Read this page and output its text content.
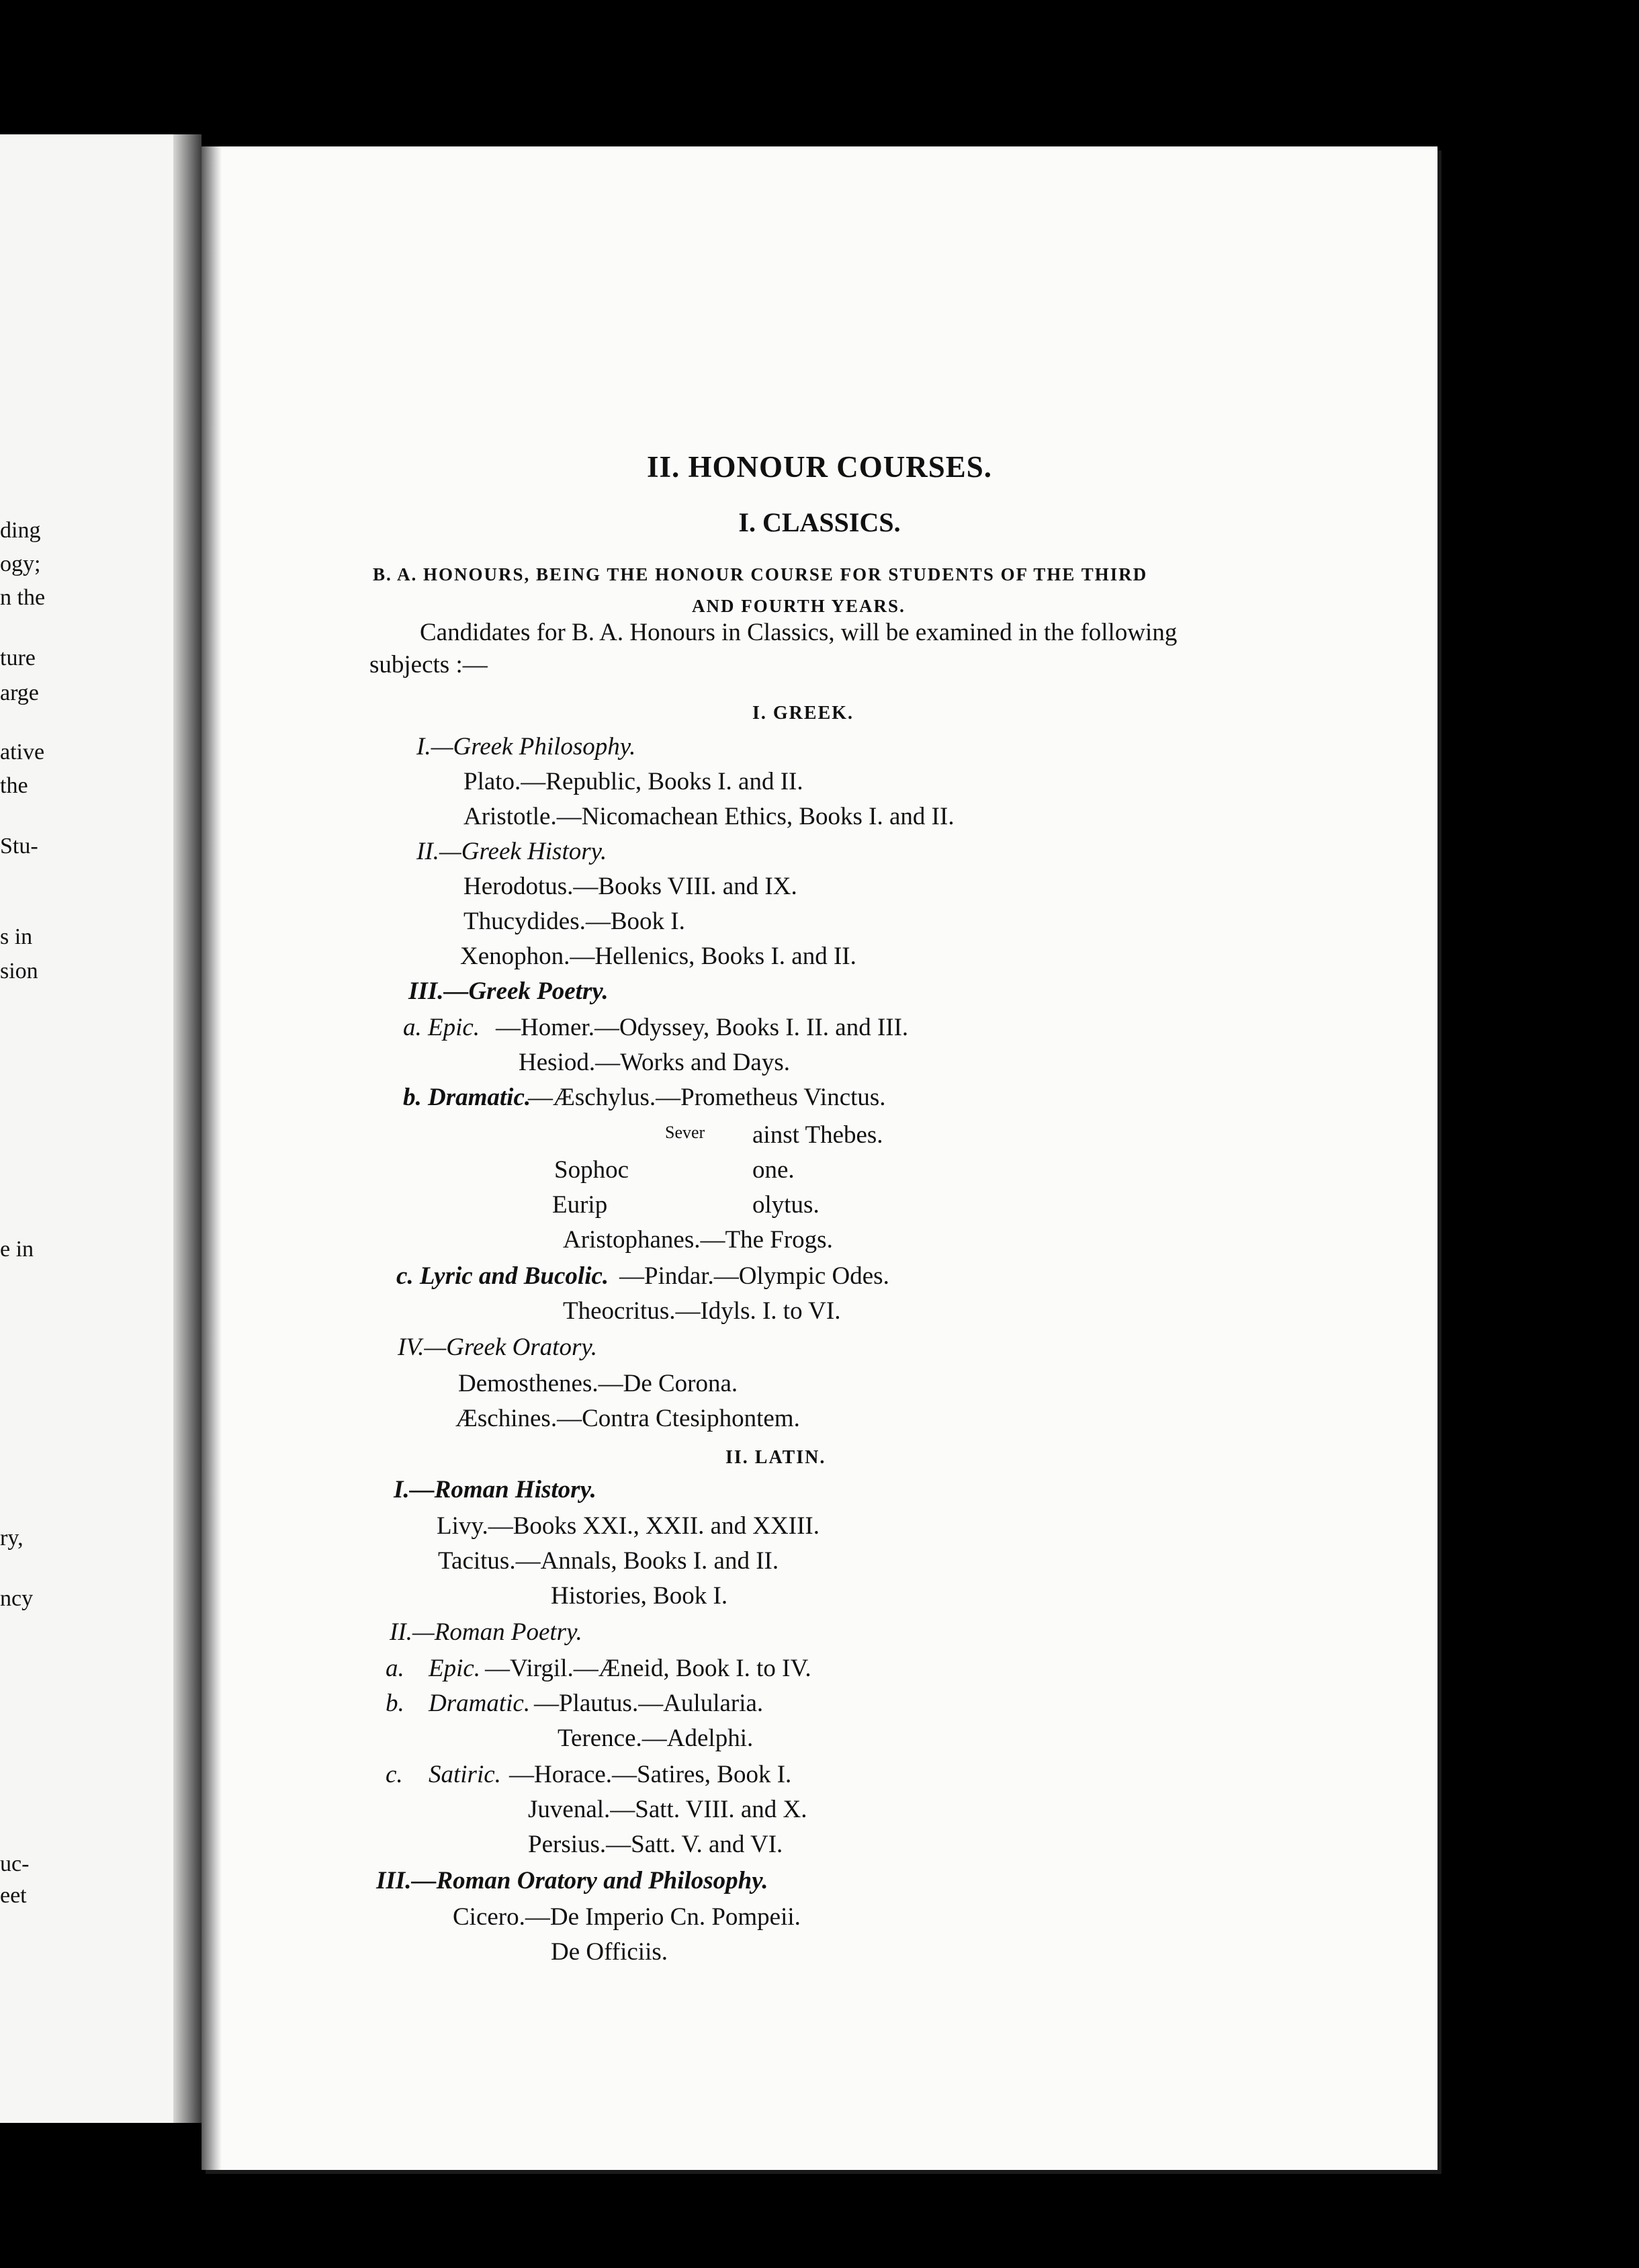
ding
ogy;
n the
ture
arge
ative
the
Stu-
s in
sion
e in
ry,
ncy
uc-
eet
II. HONOUR COURSES.
I. CLASSICS.
B. A. HONOURS, BEING THE HONOUR COURSE FOR STUDENTS OF THE THIRD
AND FOURTH YEARS.
Candidates for B. A. Honours in Classics, will be examined in the following
subjects :—
I. GREEK.
I.—Greek Philosophy.
Plato.—Republic, Books I. and II.
Aristotle.—Nicomachean Ethics, Books I. and II.
II.—Greek History.
Herodotus.—Books VIII. and IX.
Thucydides.—Book I.
Xenophon.—Hellenics, Books I. and II.
III.—Greek Poetry.
a. Epic. —Homer.—Odyssey, Books I. II. and III.
Hesiod.—Works and Days.
b. Dramatic.
—Æschylus.—Prometheus Vinctus.
Sever ainst Thebes.
Sophoc	one.
Eurip	olytus.
Aristophanes.—The Frogs.
c. Lyric and Bucolic. —Pindar.—Olympic Odes.
Theocritus.—Idyls. I. to VI.
IV.—Greek Oratory.
Demosthenes.—De Corona.
Æschines.—Contra Ctesiphontem.
II. LATIN.
I.—Roman History.
Livy.—Books XXI., XXII. and XXIII.
Tacitus.—Annals, Books I. and II.
Histories, Book I.
II.—Roman Poetry.
a. Epic. —Virgil.—Æneid, Book I. to IV.
b. Dramatic. —Plautus.—Aulularia.
Terence.—Adelphi.
c. Satiric. —Horace.—Satires, Book I.
Juvenal.—Satt. VIII. and X.
Persius.—Satt. V. and VI.
III.—Roman Oratory and Philosophy.
Cicero.—De Imperio Cn. Pompeii.
De Officiis.
